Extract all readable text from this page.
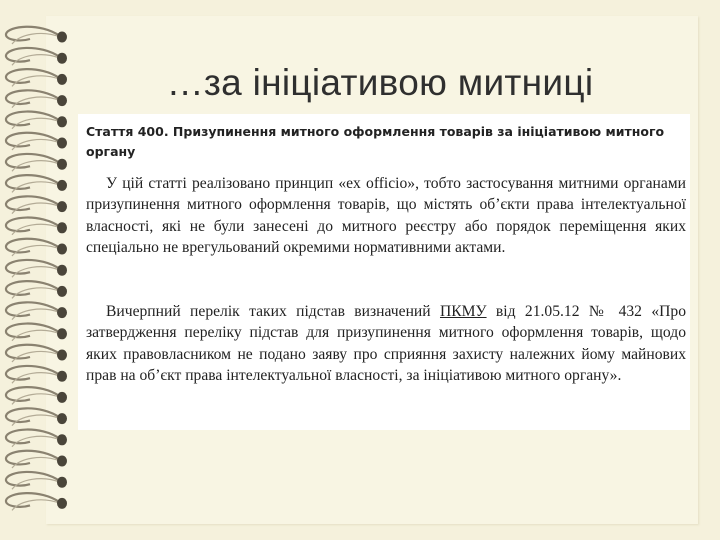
…за ініціативою митниці
Стаття 400. Призупинення митного оформлення товарів за ініціативою митного органу
У цій статті реалізовано принцип «ex officio», тобто застосування митними органами призупинення митного оформлення товарів, що містять об’єкти права інтелектуальної власності, які не були занесені до митного реєстру або порядок переміщення яких спеціально не врегульований окремими нормативними актами.
Вичерпний перелік таких підстав визначений ПКМУ від 21.05.12 № 432 «Про затвердження переліку підстав для призупинення митного оформлення товарів, щодо яких правовласником не подано заяву про сприяння захисту належних йому майнових прав на об’єкт права інтелектуальної власності, за ініціативою митного органу».
